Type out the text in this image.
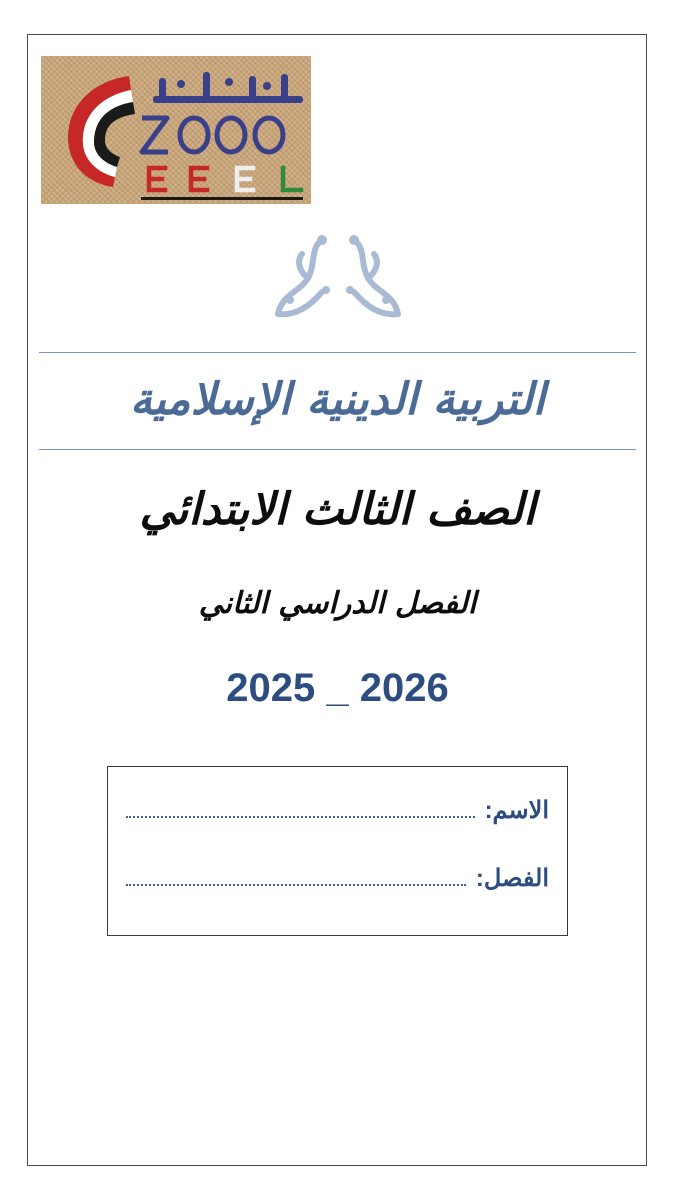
التربية الدينية الإسلامية
الصف الثالث الابتدائي
الفصل الدراسي الثاني
2025 _ 2026
الاسم:
الفصل:
